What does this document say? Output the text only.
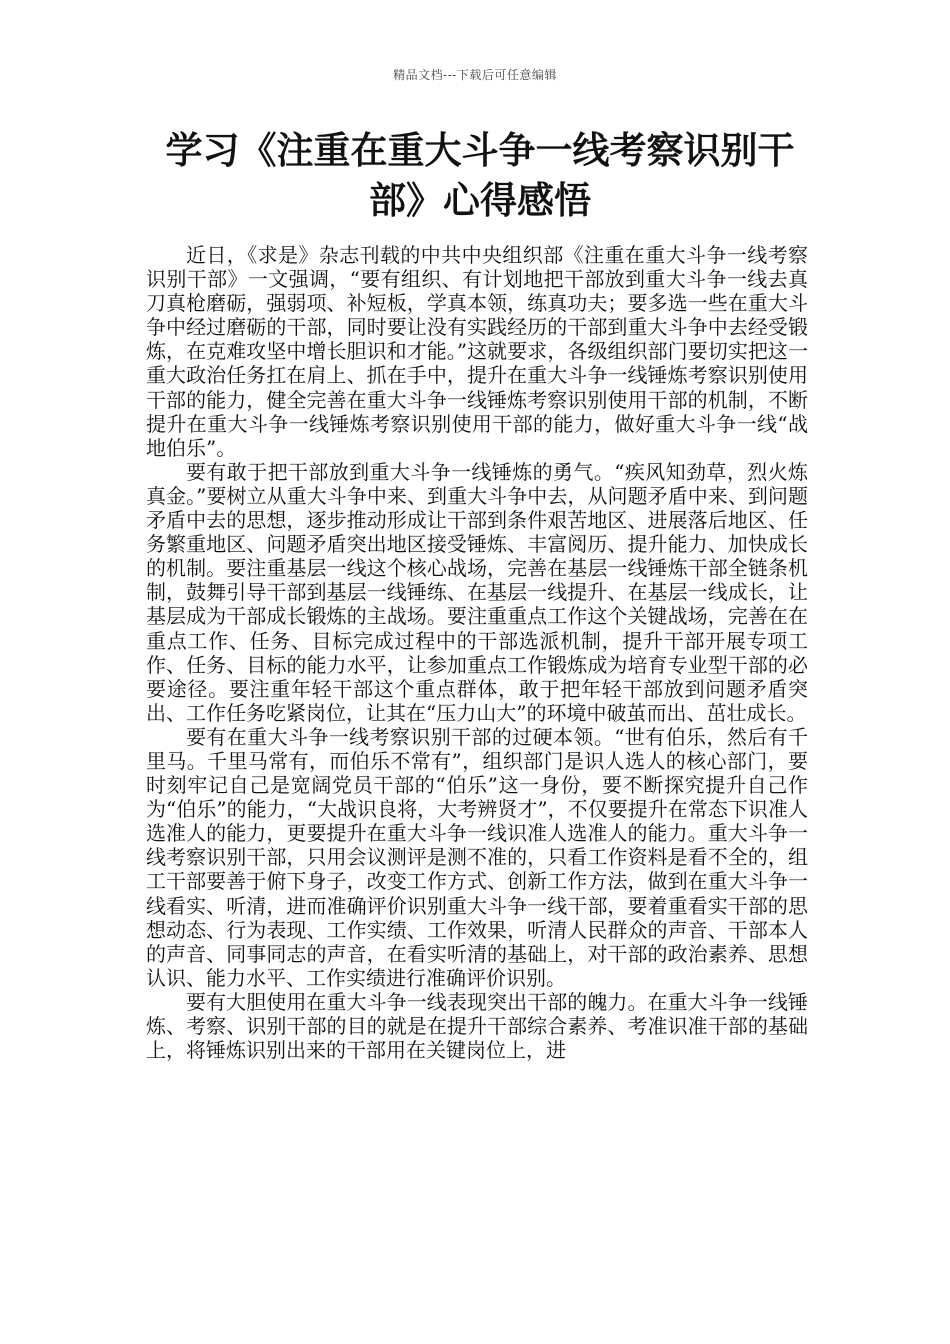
精品文档---下载后可任意编辑
学习《注重在重大斗争一线考察识别干部》心得感悟

近日，《求是》杂志刊载的中共中央组织部《注重在重大斗争一线考察识别干部》一文强调，“要有组织、有计划地把干部放到重大斗争一线去真刀真枪磨砺，强弱项、补短板，学真本领，练真功夫；要多选一些在重大斗争中经过磨砺的干部，同时要让没有实践经历的干部到重大斗争中去经受锻炼，在克难攻坚中增长胆识和才能。”这就要求，各级组织部门要切实把这一重大政治任务扛在肩上、抓在手中，提升在重大斗争一线锤炼考察识别使用干部的能力，健全完善在重大斗争一线锤炼考察识别使用干部的机制，不断提升在重大斗争一线锤炼考察识别使用干部的能力，做好重大斗争一线“战地伯乐”。

要有敢于把干部放到重大斗争一线锤炼的勇气。“疾风知劲草，烈火炼真金。”要树立从重大斗争中来、到重大斗争中去，从问题矛盾中来、到问题矛盾中去的思想，逐步推动形成让干部到条件艰苦地区、进展落后地区、任务繁重地区、问题矛盾突出地区接受锤炼、丰富阅历、提升能力、加快成长的机制。要注重基层一线这个核心战场，完善在基层一线锤炼干部全链条机制，鼓舞引导干部到基层一线锤练、在基层一线提升、在基层一线成长，让基层成为干部成长锻炼的主战场。要注重重点工作这个关键战场，完善在在重点工作、任务、目标完成过程中的干部选派机制，提升干部开展专项工作、任务、目标的能力水平，让参加重点工作锻炼成为培育专业型干部的必要途径。要注重年轻干部这个重点群体，敢于把年轻干部放到问题矛盾突出、工作任务吃紧岗位，让其在“压力山大”的环境中破茧而出、茁壮成长。

要有在重大斗争一线考察识别干部的过硬本领。“世有伯乐，然后有千里马。千里马常有，而伯乐不常有”，组织部门是识人选人的核心部门，要时刻牢记自己是宽阔党员干部的“伯乐”这一身份，要不断探究提升自己作为“伯乐”的能力，“大战识良将，大考辨贤才”，不仅要提升在常态下识准人选准人的能力，更要提升在重大斗争一线识准人选准人的能力。重大斗争一线考察识别干部，只用会议测评是测不准的，只看工作资料是看不全的，组工干部要善于俯下身子，改变工作方式、创新工作方法，做到在重大斗争一线看实、听清，进而准确评价识别重大斗争一线干部，要着重看实干部的思想动态、行为表现、工作实绩、工作效果，听清人民群众的声音、干部本人的声音、同事同志的声音，在看实听清的基础上，对干部的政治素养、思想认识、能力水平、工作实绩进行准确评价识别。

要有大胆使用在重大斗争一线表现突出干部的魄力。在重大斗争一线锤炼、考察、识别干部的目的就是在提升干部综合素养、考准识准干部的基础上，将锤炼识别出来的干部用在关键岗位上，进
